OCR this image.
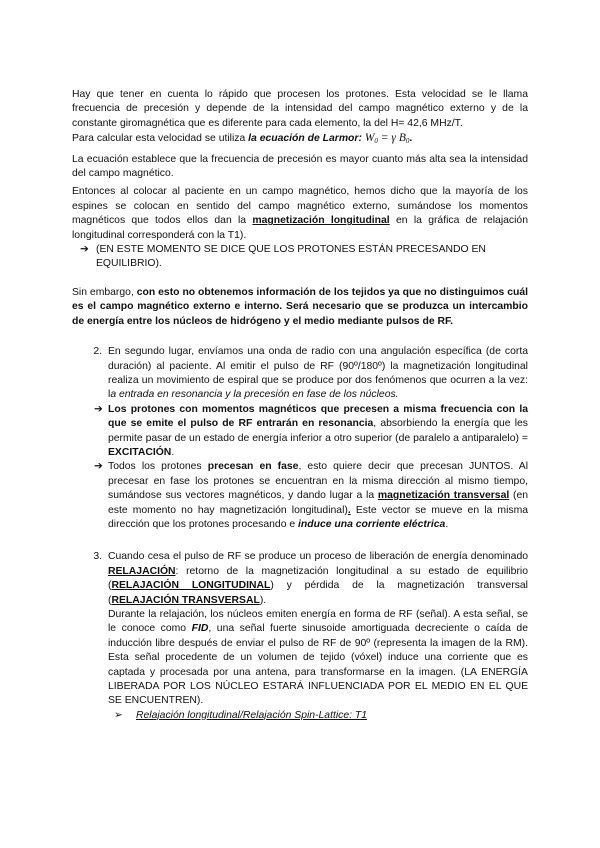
Hay que tener en cuenta lo rápido que procesen los protones. Esta velocidad se le llama frecuencia de precesión y depende de la intensidad del campo magnético externo y de la constante giromagnética que es diferente para cada elemento, la del H= 42,6 MHz/T.

Para calcular esta velocidad se utiliza la ecuación de Larmor: W0 = γ B0.

La ecuación establece que la frecuencia de precesión es mayor cuanto más alta sea la intensidad del campo magnético.

Entonces al colocar al paciente en un campo magnético, hemos dicho que la mayoría de los espines se colocan en sentido del campo magnético externo, sumándose los momentos magnéticos que todos ellos dan la magnetización longitudinal en la gráfica de relajación longitudinal corresponderá con la T1).

➔ (EN ESTE MOMENTO SE DICE QUE LOS PROTONES ESTÁN PRECESANDO EN EQUILIBRIO).

Sin embargo, con esto no obtenemos información de los tejidos ya que no distinguimos cuál es el campo magnético externo e interno. Será necesario que se produzca un intercambio de energía entre los núcleos de hidrógeno y el medio mediante pulsos de RF.

2. En segundo lugar, envíamos una onda de radio con una angulación específica (de corta duración) al paciente. Al emitir el pulso de RF (90º/180º) la magnetización longitudinal realiza un movimiento de espiral que se produce por dos fenómenos que ocurren a la vez: la entrada en resonancia y la precesión en fase de los núcleos.

➔ Los protones con momentos magnéticos que precesen a misma frecuencia con la que se emite el pulso de RF entrarán en resonancia, absorbiendo la energía que les permite pasar de un estado de energía inferior a otro superior (de paralelo a antiparalelo) = EXCITACIÓN.

➔ Todos los protones precesan en fase, esto quiere decir que precesan JUNTOS. Al precesar en fase los protones se encuentran en la misma dirección al mismo tiempo, sumándose sus vectores magnéticos, y dando lugar a la magnetización transversal (en este momento no hay magnetización longitudinal). Este vector se mueve en la misma dirección que los protones procesando e induce una corriente eléctrica.

3. Cuando cesa el pulso de RF se produce un proceso de liberación de energía denominado RELAJACIÓN: retorno de la magnetización longitudinal a su estado de equilibrio (RELAJACIÓN LONGITUDINAL) y pérdida de la magnetización transversal (RELAJACIÓN TRANSVERSAL).

Durante la relajación, los núcleos emiten energía en forma de RF (señal). A esta señal, se le conoce como FID, una señal fuerte sinusoide amortiguada decreciente o caída de inducción libre después de enviar el pulso de RF de 90º (representa la imagen de la RM). Esta señal procedente de un volumen de tejido (vóxel) induce una corriente que es captada y procesada por una antena, para transformarse en la imagen. (LA ENERGÍA LIBERADA POR LOS NÚCLEO ESTARÁ INFLUENCIADA POR EL MEDIO EN EL QUE SE ENCUENTREN).

➢	Relajación longitudinal/Relajación Spin-Lattice: T1
